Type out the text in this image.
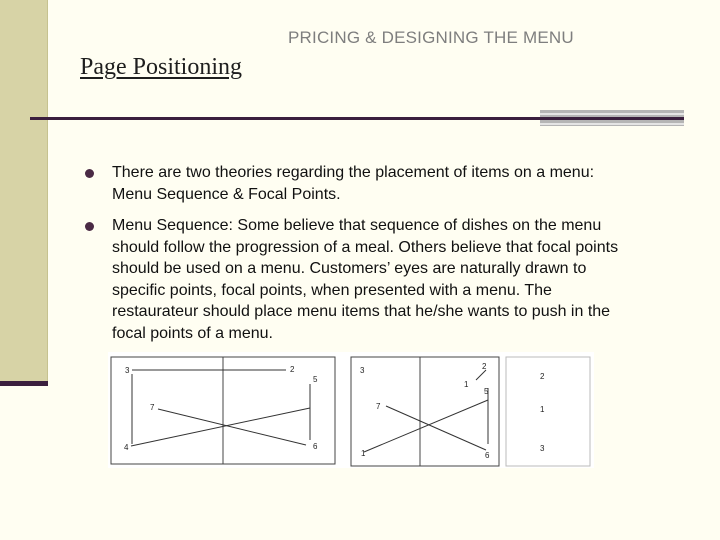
PRICING & DESIGNING THE MENU
Page Positioning
There are two theories regarding the placement of items on a menu: Menu Sequence & Focal Points.
Menu Sequence: Some believe that sequence of dishes on the menu should follow the progression of a meal. Others believe that focal points should be used on a menu. Customers’ eyes are naturally drawn to specific points, focal points, when presented with a menu. The restaurateur should place menu items that he/she wants to push in the focal points of a menu.
3	2
5
7
4	6
3	2
1
5
7
1	6
2
1
3
